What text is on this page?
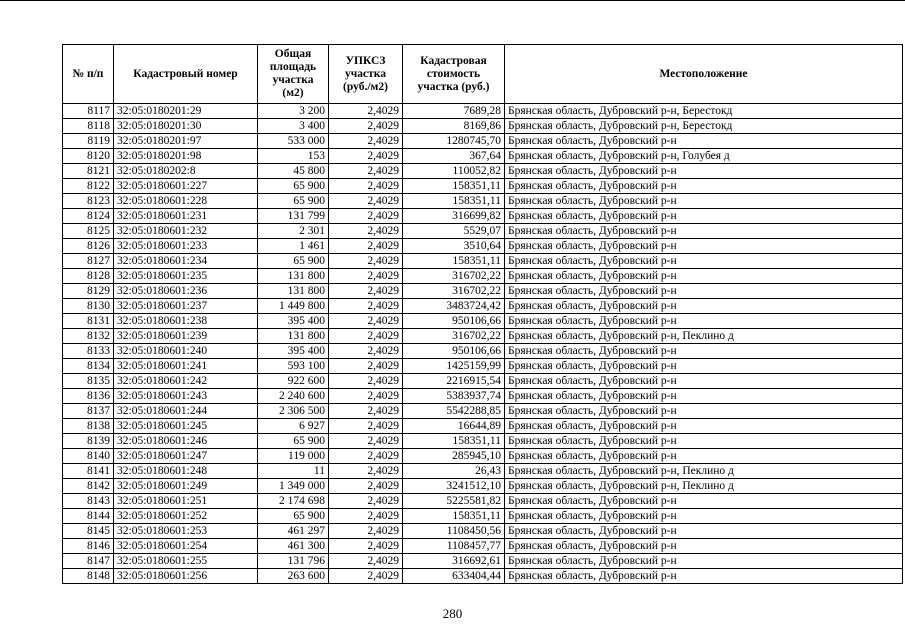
№ п/п	Кадастровый номер	Общая площадь участка (м2)	УПКСЗ участка (руб./м2)	Кадастровая стоимость участка (руб.)	Местоположение
8117	32:05:0180201:29	3 200	2,4029	7689,28	Брянская область, Дубровский р-н, Берестокд
8118	32:05:0180201:30	3 400	2,4029	8169,86	Брянская область, Дубровский р-н, Берестокд
8119	32:05:0180201:97	533 000	2,4029	1280745,70	Брянская область, Дубровский р-н
8120	32:05:0180201:98	153	2,4029	367,64	Брянская область, Дубровский р-н, Голубея д
8121	32:05:0180202:8	45 800	2,4029	110052,82	Брянская область, Дубровский р-н
8122	32:05:0180601:227	65 900	2,4029	158351,11	Брянская область, Дубровский р-н
8123	32:05:0180601:228	65 900	2,4029	158351,11	Брянская область, Дубровский р-н
8124	32:05:0180601:231	131 799	2,4029	316699,82	Брянская область, Дубровский р-н
8125	32:05:0180601:232	2 301	2,4029	5529,07	Брянская область, Дубровский р-н
8126	32:05:0180601:233	1 461	2,4029	3510,64	Брянская область, Дубровский р-н
8127	32:05:0180601:234	65 900	2,4029	158351,11	Брянская область, Дубровский р-н
8128	32:05:0180601:235	131 800	2,4029	316702,22	Брянская область, Дубровский р-н
8129	32:05:0180601:236	131 800	2,4029	316702,22	Брянская область, Дубровский р-н
8130	32:05:0180601:237	1 449 800	2,4029	3483724,42	Брянская область, Дубровский р-н
8131	32:05:0180601:238	395 400	2,4029	950106,66	Брянская область, Дубровский р-н
8132	32:05:0180601:239	131 800	2,4029	316702,22	Брянская область, Дубровский р-н, Пеклино д
8133	32:05:0180601:240	395 400	2,4029	950106,66	Брянская область, Дубровский р-н
8134	32:05:0180601:241	593 100	2,4029	1425159,99	Брянская область, Дубровский р-н
8135	32:05:0180601:242	922 600	2,4029	2216915,54	Брянская область, Дубровский р-н
8136	32:05:0180601:243	2 240 600	2,4029	5383937,74	Брянская область, Дубровский р-н
8137	32:05:0180601:244	2 306 500	2,4029	5542288,85	Брянская область, Дубровский р-н
8138	32:05:0180601:245	6 927	2,4029	16644,89	Брянская область, Дубровский р-н
8139	32:05:0180601:246	65 900	2,4029	158351,11	Брянская область, Дубровский р-н
8140	32:05:0180601:247	119 000	2,4029	285945,10	Брянская область, Дубровский р-н
8141	32:05:0180601:248	11	2,4029	26,43	Брянская область, Дубровский р-н, Пеклино д
8142	32:05:0180601:249	1 349 000	2,4029	3241512,10	Брянская область, Дубровский р-н, Пеклино д
8143	32:05:0180601:251	2 174 698	2,4029	5225581,82	Брянская область, Дубровский р-н
8144	32:05:0180601:252	65 900	2,4029	158351,11	Брянская область, Дубровский р-н
8145	32:05:0180601:253	461 297	2,4029	1108450,56	Брянская область, Дубровский р-н
8146	32:05:0180601:254	461 300	2,4029	1108457,77	Брянская область, Дубровский р-н
8147	32:05:0180601:255	131 796	2,4029	316692,61	Брянская область, Дубровский р-н
8148	32:05:0180601:256	263 600	2,4029	633404,44	Брянская область, Дубровский р-н
280
